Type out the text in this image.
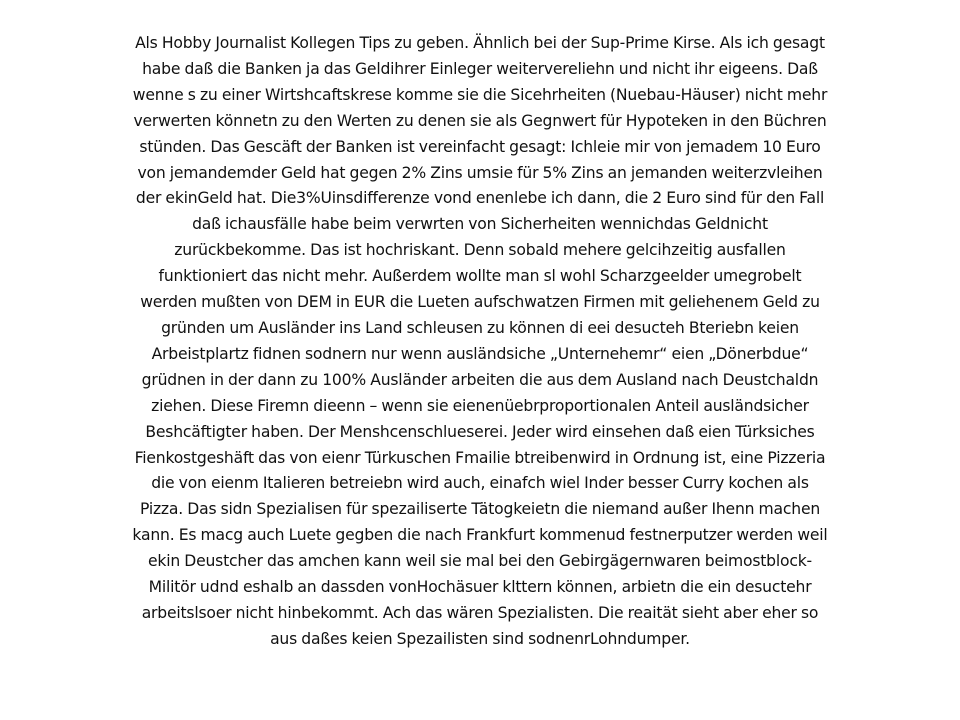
Als Hobby Journalist Kollegen Tips zu geben. Ähnlich bei der Sup-Prime Kirse. Als ich gesagt
habe daß die Banken ja das Geldihrer Einleger weitervereliehn und nicht ihr eigeens. Daß
wenne s zu einer Wirtshcaftskrese komme sie die Sicehrheiten (Nuebau-Häuser) nicht mehr
verwerten könnetn zu den Werten zu denen sie als Gegnwert für Hypoteken in den Büchren
stünden. Das Gescäft der Banken ist vereinfacht gesagt: Ichleie mir von jemadem 10 Euro
von jemandemder Geld hat gegen 2% Zins umsie für 5% Zins an jemanden weiterzvleihen
der ekinGeld hat. Die3%Uinsdifferenze vond enenlebe ich dann, die 2 Euro sind für den Fall
daß ichausfälle habe beim verwrten von Sicherheiten wennichdas Geldnicht
zurückbekomme. Das ist hochriskant. Denn sobald mehere gelcihzeitig ausfallen
funktioniert das nicht mehr. Außerdem wollte man sl wohl Scharzgeelder umegrobelt
werden mußten von DEM in EUR die Lueten aufschwatzen Firmen mit geliehenem Geld zu
gründen um Ausländer ins Land schleusen zu können di eei desucteh Bteriebn keien
Arbeistplartz fidnen sodnern nur wenn ausländsiche „Unternehemr“ eien „Dönerbdue“
grüdnen in der dann zu 100% Ausländer arbeiten die aus dem Ausland nach Deustchaldn
ziehen. Diese Firemn dieenn – wenn sie eienenüebrproportionalen Anteil ausländsicher
Beshcäftigter haben. Der Menshcenschlueserei. Jeder wird einsehen daß eien Türksiches
Fienkostgeshäft das von eienr Türkuschen Fmailie btreibenwird in Ordnung ist, eine Pizzeria
die von eienm Italieren betreiebn wird auch, einafch wiel Inder besser Curry kochen als
Pizza. Das sidn Spezialisen für spezailiserte Tätogkeietn die niemand außer Ihenn machen
kann. Es macg auch Luete gegben die nach Frankfurt kommenud festnerputzer werden weil
ekin Deustcher das amchen kann weil sie mal bei den Gebirgägernwaren beimostblock-
Militör udnd eshalb an dassden vonHochäsuer klttern können, arbietn die ein desuctehr
arbeitslsoer nicht hinbekommt. Ach das wären Spezialisten. Die reaität sieht aber eher so
aus daßes keien Spezailisten sind sodnenrLohndumper.
